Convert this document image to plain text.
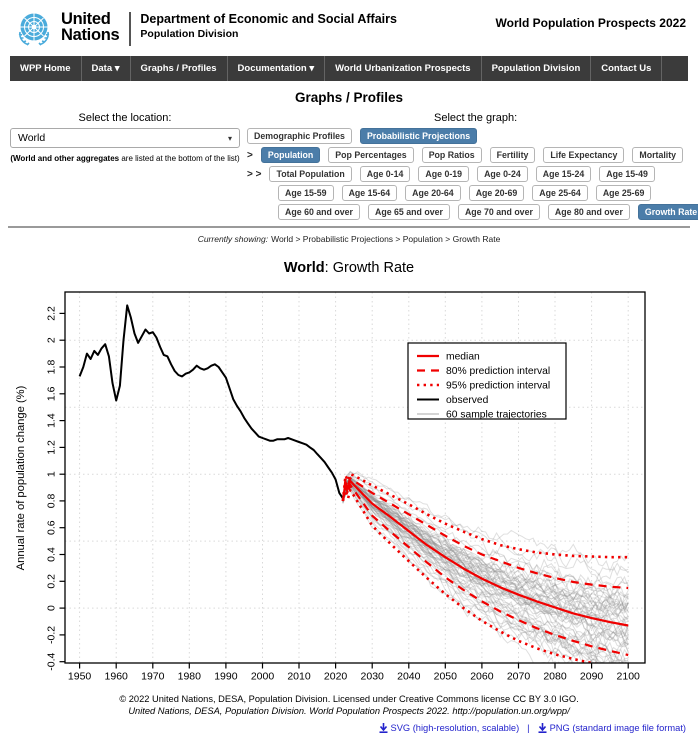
United
Nations
Department of Economic and Social Affairs
Population Division
World Population Prospects 2022
WPP Home	Data ▾	Graphs / Profiles	Documentation ▾	World Urbanization Prospects	Population Division	Contact Us
Graphs / Profiles
Select the location:
World	▾
(World and other aggregates are listed at the bottom of the list)
Select the graph:
Demographic Profiles	Probabilistic Projections
>	Population	Pop Percentages	Pop Ratios	Fertility	Life Expectancy	Mortality
> >	Total Population	Age 0-14	Age 0-19	Age 0-24	Age 15-24	Age 15-49
Age 15-59	Age 15-64	Age 20-64	Age 20-69	Age 25-64	Age 25-69
Age 60 and over	Age 65 and over	Age 70 and over	Age 80 and over	Growth Rate
Currently showing: World > Probabilistic Projections > Population > Growth Rate
World: Growth Rate
1950 1960 1970 1980 1990 2000 2010 2020 2030 2040 2050 2060 2070 2080 2090 2100
-0.4
-0.2
0
0.2
0.4
0.6
0.8
1
1.2
1.4
1.6
1.8
2
2.2
Annual rate of population change (%)
median
80% prediction interval
95% prediction interval
observed
60 sample trajectories
© 2022 United Nations, DESA, Population Division. Licensed under Creative Commons license CC BY 3.0 IGO.
United Nations, DESA, Population Division. World Population Prospects 2022. http://population.un.org/wpp/
SVG (high-resolution, scalable) | PNG (standard image file format)
